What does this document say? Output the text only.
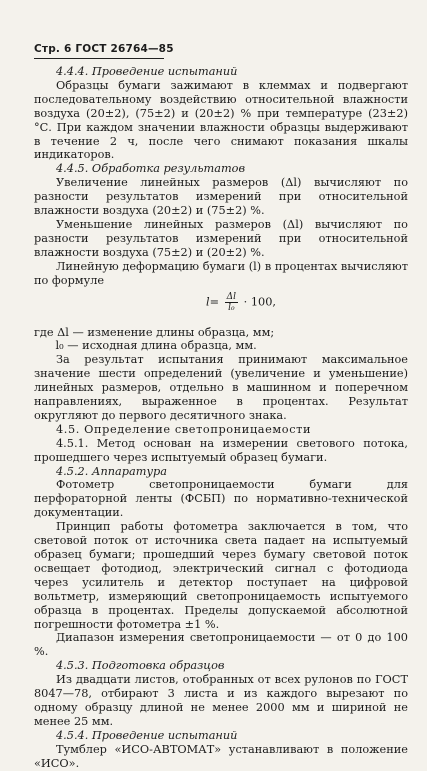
Стр. 6 ГОСТ 26764—85

4.4.4. Проведение испытаний

Образцы бумаги зажимают в клеммах и подвергают последовательному воздействию относительной влажности воздуха (20±2), (75±2) и (20±2) % при температуре (23±2) °С. При каждом значении влажности образцы выдерживают в течение 2 ч, после чего снимают показания шкалы индикаторов.

4.4.5. Обработка результатов

Увеличение линейных размеров (Δl) вычисляют по разности результатов измерений при относительной влажности воздуха (20±2) и (75±2) %.

Уменьшение линейных размеров (Δl) вычисляют по разности результатов измерений при относительной влажности воздуха (75±2) и (20±2) %.

Линейную деформацию бумаги (l) в процентах вычисляют по формуле

$l= \frac{\Delta l}{\text{l₀}} \cdot 100$,

где Δl — изменение длины образца, мм;

l₀ — исходная длина образца, мм.

За результат испытания принимают максимальное значение шести определений (увеличение и уменьшение) линейных размеров, отдельно в машинном и поперечном направлениях, выраженное в процентах. Результат округляют до первого десятичного знака.

4.5. Определение светопроницаемости

4.5.1. Метод основан на измерении светового потока, прошедшего через испытуемый образец бумаги.

4.5.2. Аппаратура

Фотометр светопроницаемости бумаги для перфораторной ленты (ФСБП) по нормативно-технической документации.

Принцип работы фотометра заключается в том, что световой поток от источника света падает на испытуемый образец бумаги; прошедший через бумагу световой поток освещает фотодиод, электрический сигнал с фотодиода через усилитель и детектор поступает на цифровой вольтметр, измеряющий светопроницаемость испытуемого образца в процентах. Пределы допускаемой абсолютной погрешности фотометра ±1 %.

Диапазон измерения светопроницаемости — от 0 до 100 %.

4.5.3. Подготовка образцов

Из двадцати листов, отобранных от всех рулонов по ГОСТ 8047—78, отбирают 3 листа и из каждого вырезают по одному образцу длиной не менее 2000 мм и шириной не менее 25 мм.

4.5.4. Проведение испытаний

Тумблер «ИСО-АВТОМАТ» устанавливают в положение «ИСО».
